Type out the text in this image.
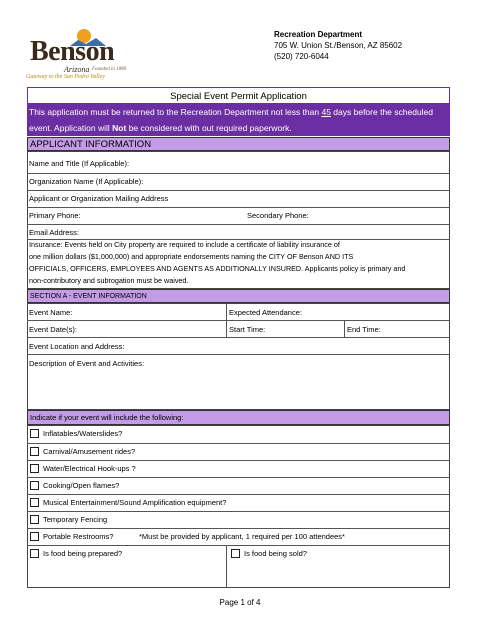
Benson
Arizona Founded in 1880
Gateway to the San Pedro Valley
Recreation Department
705 W. Union St./Benson, AZ 85602
(520) 720-6044
Special Event Permit Application
This application must be returned to the Recreation Department not less than 45 days before the scheduled
event. Application will Not be considered with out required paperwork.
APPLICANT INFORMATION
Name and Title (If Applicable):
Organization Name (If Applicable):
Applicant or Organization Mailing Address
Primary Phone:	Secondary Phone:
Email Address:
Insurance: Events held on City property are required to include a certificate of liability insurance of
one million dollars ($1,000,000) and appropriate endorsements naming the CITY OF Benson AND ITS
OFFICIALS, OFFICERS, EMPLOYEES AND AGENTS AS ADDITIONALLY INSURED. Applicants policy is primary and
non-contributory and subrogation must be waived.
SECTION A - EVENT INFORMATION
Event Name:	Expected Attendance:
Event Date(s):	Start Time:	End Time:
Event Location and Address:
Description of Event and Activities:
Indicate if your event will include the following:
Inflatables/Waterslides?
Carnival/Amusement rides?
Water/Electrical Hook-ups ?
Cooking/Open flames?
Musical Entertainment/Sound Amplification equipment?
Temporary Fencing
Portable Restrooms?	*Must be provided by applicant, 1 required per 100 attendees*
Is food being prepared?	Is food being sold?
Page 1 of 4
